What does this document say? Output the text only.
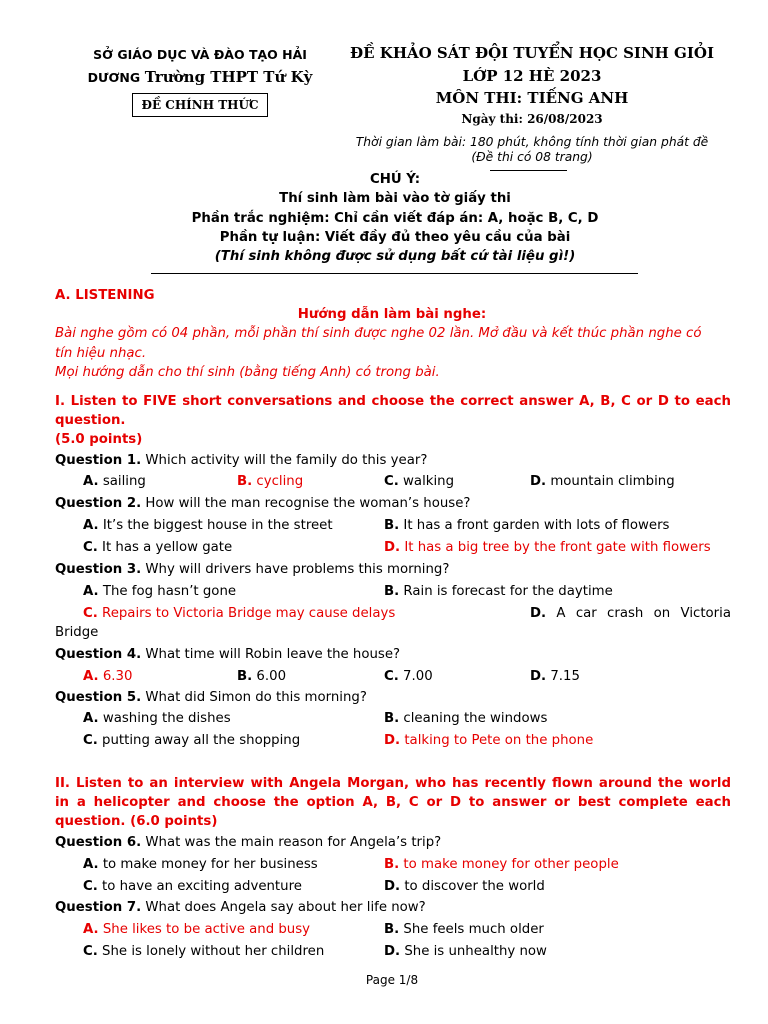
SỞ GIÁO DỤC VÀ ĐÀO TẠO HẢI
DƯƠNG Trường THPT Tứ Kỳ
ĐỀ CHÍNH THỨC
ĐỀ KHẢO SÁT ĐỘI TUYỂN HỌC SINH GIỎI
LỚP 12 HÈ 2023
MÔN THI: TIẾNG ANH
Ngày thi: 26/08/2023
Thời gian làm bài: 180 phút, không tính thời gian phát đề
(Đề thi có 08 trang)
CHÚ Ý:
Thí sinh làm bài vào tờ giấy thi
Phần trắc nghiệm: Chỉ cần viết đáp án: A, hoặc B, C, D
Phần tự luận: Viết đầy đủ theo yêu cầu của bài
(Thí sinh không được sử dụng bất cứ tài liệu gì!)
A. LISTENING
Hướng dẫn làm bài nghe:
Bài nghe gồm có 04 phần, mỗi phần thí sinh được nghe 02 lần. Mở đầu và kết thúc phần nghe có
tín hiệu nhạc.
Mọi hướng dẫn cho thí sinh (bằng tiếng Anh) có trong bài.
I. Listen to FIVE short conversations and choose the correct answer A, B, C or D to each
question.
(5.0 points)
Question 1. Which activity will the family do this year?
A. sailing	B. cycling	C. walking	D. mountain climbing
Question 2. How will the man recognise the woman’s house?
A. It’s the biggest house in the street	B. It has a front garden with lots of flowers
C. It has a yellow gate	D. It has a big tree by the front gate with flowers
Question 3. Why will drivers have problems this morning?
A. The fog hasn’t gone	B. Rain is forecast for the daytime
C. Repairs to Victoria Bridge may cause delays	D. A car crash on Victoria
Bridge
Question 4. What time will Robin leave the house?
A. 6.30	B. 6.00	C. 7.00	D. 7.15
Question 5. What did Simon do this morning?
A. washing the dishes	B. cleaning the windows
C. putting away all the shopping	D. talking to Pete on the phone
II. Listen to an interview with Angela Morgan, who has recently flown around the world
in a helicopter and choose the option A, B, C or D to answer or best complete each
question. (6.0 points)
Question 6. What was the main reason for Angela’s trip?
A. to make money for her business	B. to make money for other people
C. to have an exciting adventure	D. to discover the world
Question 7. What does Angela say about her life now?
A. She likes to be active and busy	B. She feels much older
C. She is lonely without her children	D. She is unhealthy now
Page 1/8
